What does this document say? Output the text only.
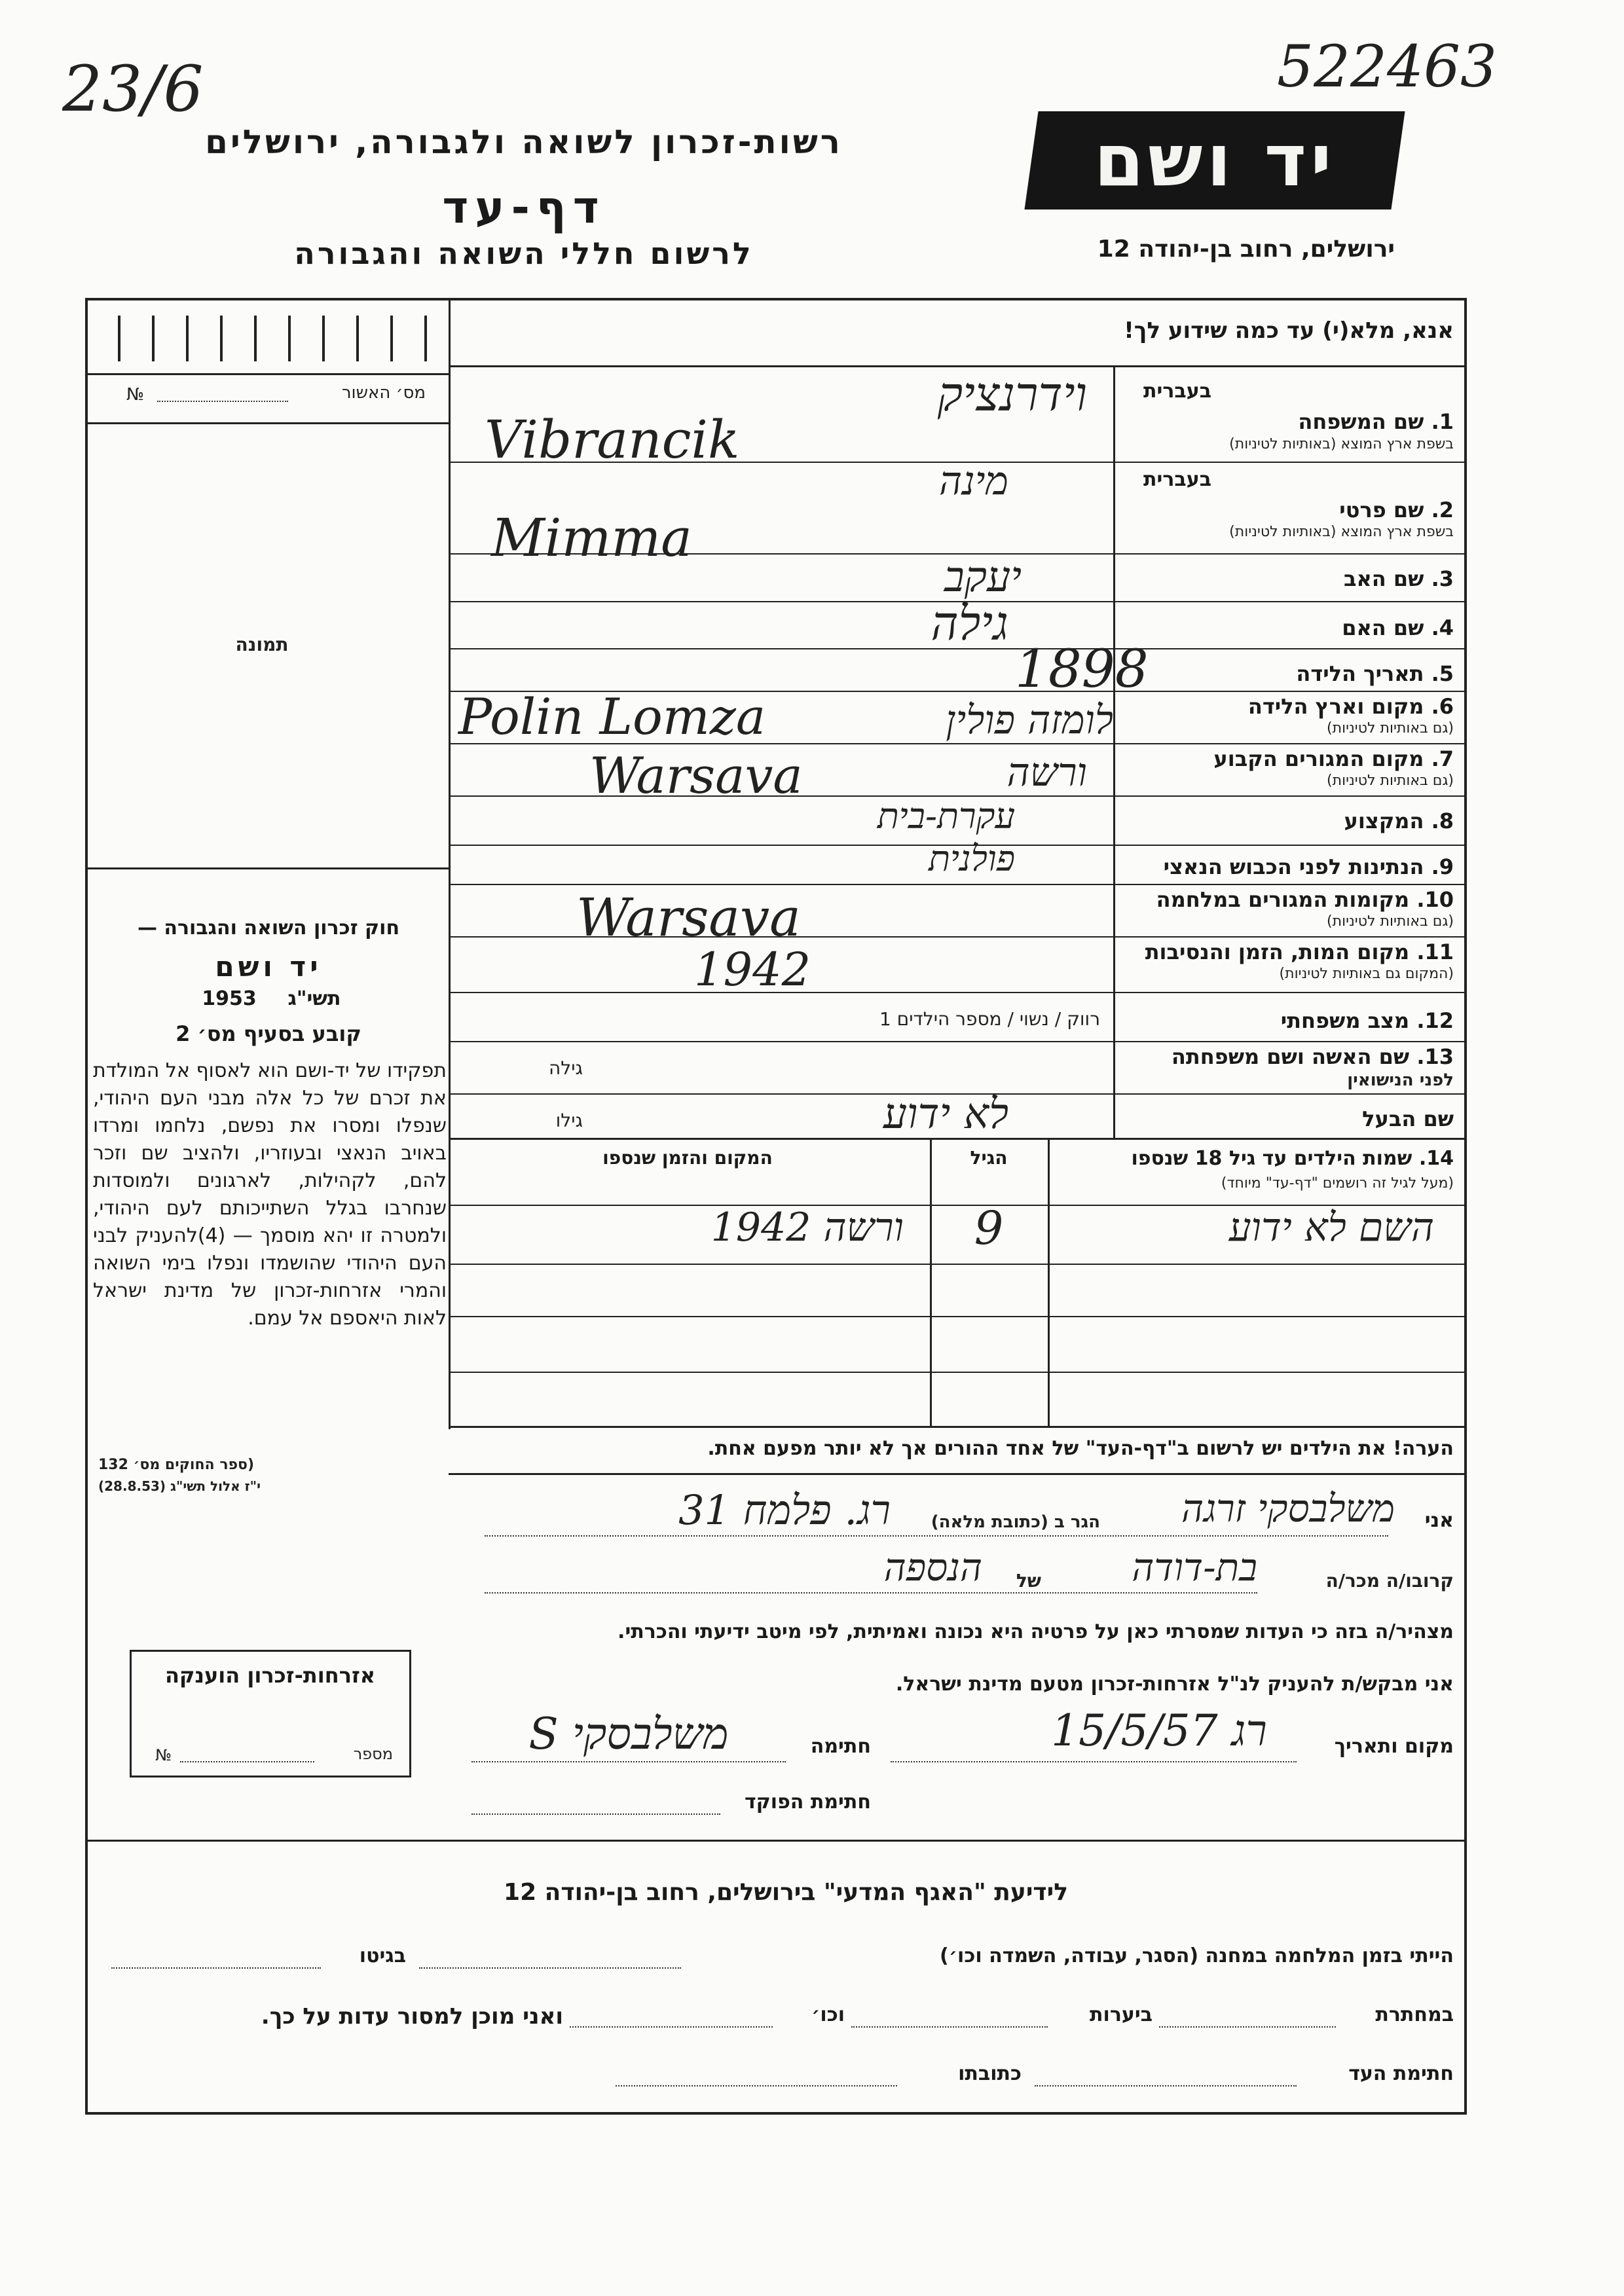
23/6	522463
רשות-זכרון לשואה ולגבורה, ירושלים
דף-עד
לרשום חללי השואה והגבורה
יד ושם
ירושלים, רחוב בן-יהודה 12
מס׳ האשור
№
תמונה
חוק זכרון השואה והגבורה —
יד ושם
תשי"ג
1953
קובע בסעיף מס׳ 2
תפקידו של יד-ושם הוא לאסוף אל המולדת את זכרם של כל אלה מבני העם היהודי, שנפלו ומסרו את נפשם, נלחמו ומרדו באויב הנאצי ובעוזריו, ולהציב שם וזכר להם, לקהילות, לארגונים ולמוסדות שנחרבו בגלל השתייכותם לעם היהודי, ולמטרה זו יהא מוסמך — (4)להעניק לבני העם היהודי שהושמדו ונפלו בימי השואה והמרי אזרחות-זכרון של מדינת ישראל לאות היאספם אל עמם.
(ספר החוקים מס׳ 132
י"ז אלול תשי"ג (28.8.53)
אזרחות-זכרון הוענקה
מספר
№
אנא, מלא(י) עד כמה שידוע לך!
בעברית
1. שם המשפחה
בשפת ארץ המוצא (באותיות לטיניות)
וידרנציק
Vibrancik
בעברית
2. שם פרטי
בשפת ארץ המוצא (באותיות לטיניות)
מינה
Mimma
3. שם האב
יעקב
4. שם האם
גילה
5. תאריך הלידה
1898
6. מקום וארץ הלידה
(גם באותיות לטיניות)
לומזה פולין
Polin Lomza
7. מקום המגורים הקבוע
(גם באותיות לטיניות)
ורשה
Warsava
8. המקצוע
עקרת-בית
9. הנתינות לפני הכבוש הנאצי
פולנית
10. מקומות המגורים במלחמה
(גם באותיות לטיניות)
Warsava
11. מקום המות, הזמן והנסיבות
(המקום גם באותיות לטיניות)
1942
12. מצב משפחתי
רווק / נשוי / מספר הילדים 1
13. שם האשה ושם משפחתה
לפני הנישואין
גילה
שם הבעל
לא ידוע
גילו
14. שמות הילדים עד גיל 18 שנספו
(מעל לגיל זה רושמים "דף-עד" מיוחד)
הגיל
המקום והזמן שנספו
השם לא ידוע
9
ורשה 1942
הערה! את הילדים יש לרשום ב"דף-העד" של אחד ההורים אך לא יותר מפעם אחת.
אני
משלבסקי זרגה
הגר ב (כתובת מלאה)
רג. פלמח 31
קרובו/ה מכר/ה
בת-דודה
של
הנספה
מצהיר/ה בזה כי העדות שמסרתי כאן על פרטיה היא נכונה ואמיתית, לפי מיטב ידיעתי והכרתי.
אני מבקש/ת להעניק לנ"ל אזרחות-זכרון מטעם מדינת ישראל.
מקום ותאריך
רג 15/5/57
חתימה
S משלבסקי
חתימת הפוקד
לידיעת "האגף המדעי" בירושלים, רחוב בן-יהודה 12
הייתי בזמן המלחמה במחנה (הסגר, עבודה, השמדה וכו׳)
בגיטו
במחתרת
ביערות
וכו׳
ואני מוכן למסור עדות על כך.
חתימת העד
כתובתו
